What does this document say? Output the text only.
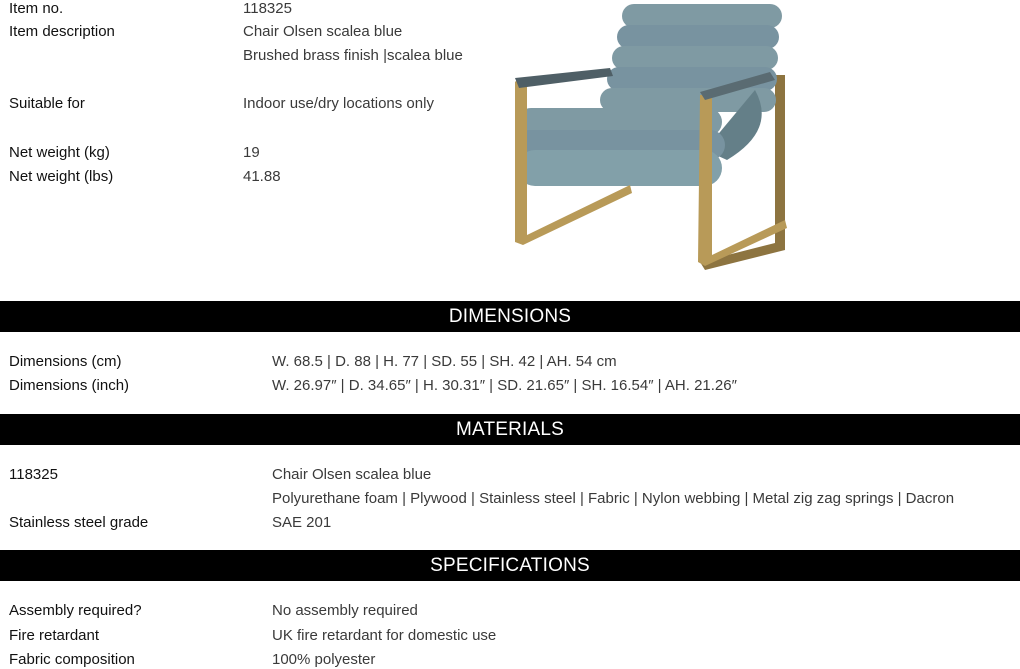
Item no.	118325
Item description	Chair Olsen scalea blue
Brushed brass finish |scalea blue
Suitable for	Indoor use/dry locations only
Net weight (kg)	19
Net weight (lbs)	41.88
DIMENSIONS
Dimensions (cm)	W. 68.5 | D. 88 | H. 77 | SD. 55 | SH. 42 | AH. 54 cm
Dimensions (inch)	W. 26.97″ | D. 34.65″ | H. 30.31″ | SD. 21.65″ | SH. 16.54″ | AH. 21.26″
MATERIALS
118325	Chair Olsen scalea blue
Polyurethane foam | Plywood | Stainless steel | Fabric | Nylon webbing | Metal zig zag springs | Dacron
Stainless steel grade	SAE 201
SPECIFICATIONS
Assembly required?	No assembly required
Fire retardant	UK fire retardant for domestic use
Fabric composition	100% polyester
